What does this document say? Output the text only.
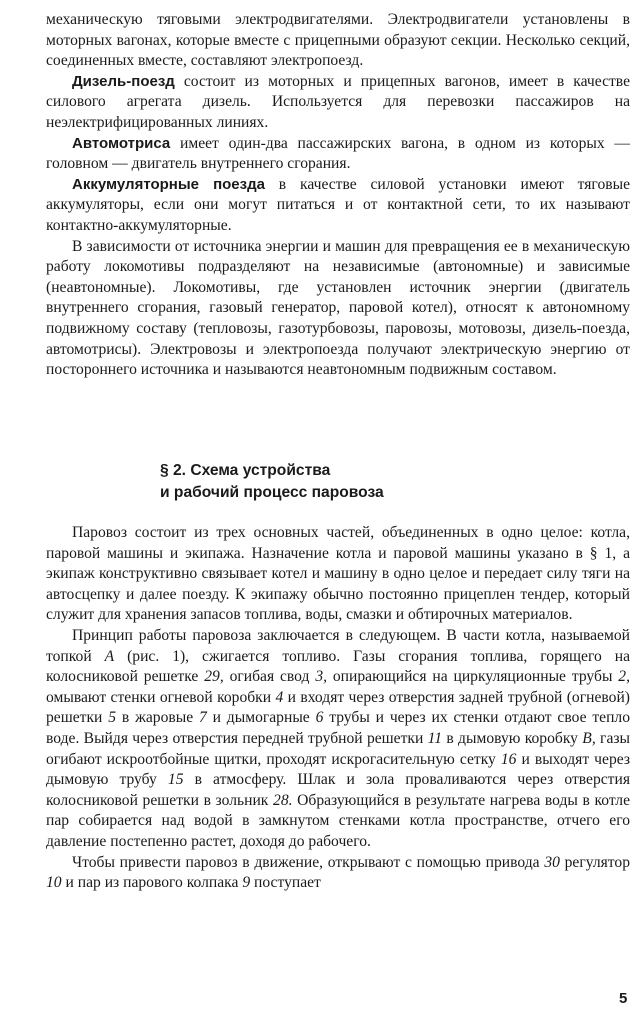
механическую тяговыми электродвигателями. Электродвигатели установлены в моторных вагонах, которые вместе с прицепными образуют секции. Несколько секций, соединенных вместе, составляют электропоезд.

Дизель-поезд состоит из моторных и прицепных вагонов, имеет в качестве силового агрегата дизель. Используется для перевозки пассажиров на неэлектрифицированных линиях.

Автомотриса имеет один-два пассажирских вагона, в одном из которых — головном — двигатель внутреннего сгорания.

Аккумуляторные поезда в качестве силовой установки имеют тяговые аккумуляторы, если они могут питаться и от контактной сети, то их называют контактно-аккумуляторные.

В зависимости от источника энергии и машин для превращения ее в механическую работу локомотивы подразделяют на независимые (автономные) и зависимые (неавтономные). Локомотивы, где установлен источник энергии (двигатель внутреннего сгорания, газовый генератор, паровой котел), относят к автономному подвижному составу (тепловозы, газотурбовозы, паровозы, мотовозы, дизель-поезда, автомотрисы). Электровозы и электропоезда получают электрическую энергию от постороннего источника и называются неавтономным подвижным составом.

§ 2. Схема устройства
и рабочий процесс паровоза

Паровоз состоит из трех основных частей, объединенных в одно целое: котла, паровой машины и экипажа. Назначение котла и паровой машины указано в § 1, а экипаж конструктивно связывает котел и машину в одно целое и передает силу тяги на автосцепку и далее поезду. К экипажу обычно постоянно прицеплен тендер, который служит для хранения запасов топлива, воды, смазки и обтирочных материалов.

Принцип работы паровоза заключается в следующем. В части котла, называемой топкой А (рис. 1), сжигается топливо. Газы сгорания топлива, горящего на колосниковой решетке 29, огибая свод 3, опирающийся на циркуляционные трубы 2, омывают стенки огневой коробки 4 и входят через отверстия задней трубной (огневой) решетки 5 в жаровые 7 и дымогарные 6 трубы и через их стенки отдают свое тепло воде. Выйдя через отверстия передней трубной решетки 11 в дымовую коробку В, газы огибают искроотбойные щитки, проходят искрогасительную сетку 16 и выходят через дымовую трубу 15 в атмосферу. Шлак и зола проваливаются через отверстия колосниковой решетки в зольник 28. Образующийся в результате нагрева воды в котле пар собирается над водой в замкнутом стенками котла пространстве, отчего его давление постепенно растет, доходя до рабочего.

Чтобы привести паровоз в движение, открывают с помощью привода 30 регулятор 10 и пар из парового колпака 9 поступает

5
